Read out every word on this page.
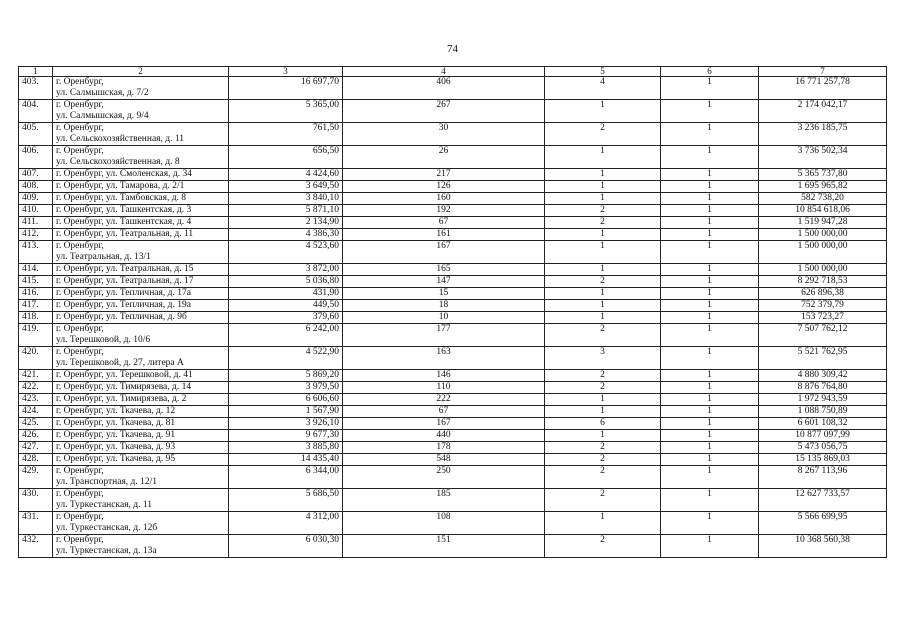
74
1	2	3	4	5	6	7
403.	г. Оренбург,
ул. Салмышская, д. 7/2	16 697,70	406	4	1	16 771 257,78
404.	г. Оренбург,
ул. Салмышская, д. 9/4	5 365,00	267	1	1	2 174 042,17
405.	г. Оренбург,
ул. Сельскохозяйственная, д. 11	761,50	30	2	1	3 236 185,75
406.	г. Оренбург,
ул. Сельскохозяйственная, д. 8	656,50	26	1	1	3 736 502,34
407.	г. Оренбург, ул. Смоленская, д. 34	4 424,60	217	1	1	5 365 737,80
408.	г. Оренбург, ул. Тамарова, д. 2/1	3 649,50	126	1	1	1 695 965,82
409.	г. Оренбург, ул. Тамбовская, д. 8	3 840,10	160	1	1	582 738,20
410.	г. Оренбург, ул. Ташкентская, д. 3	5 871,10	192	2	1	10 854 618,06
411.	г. Оренбург, ул. Ташкентская, д. 4	2 134,90	67	2	1	1 519 947,28
412.	г. Оренбург, ул. Театральная, д. 11	4 386,30	161	1	1	1 500 000,00
413.	г. Оренбург,
ул. Театральная, д. 13/1	4 523,60	167	1	1	1 500 000,00
414.	г. Оренбург, ул. Театральная, д. 15	3 872,00	165	1	1	1 500 000,00
415.	г. Оренбург, ул. Театральная, д. 17	5 036,80	147	2	1	8 292 718,53
416.	г. Оренбург, ул. Тепличная, д. 17а	431,90	15	1	1	626 896,38
417.	г. Оренбург, ул. Тепличная, д. 19а	449,50	18	1	1	752 379,79
418.	г. Оренбург, ул. Тепличная, д. 9б	379,60	10	1	1	153 723,27
419.	г. Оренбург,
ул. Терешковой, д. 10/6	6 242,00	177	2	1	7 507 762,12
420.	г. Оренбург,
ул. Терешковой, д. 27, литера А	4 522,90	163	3	1	5 521 762,95
421.	г. Оренбург, ул. Терешковой, д. 41	5 869,20	146	2	1	4 880 309,42
422.	г. Оренбург, ул. Тимирязева, д. 14	3 979,50	110	2	1	8 876 764,80
423.	г. Оренбург, ул. Тимирязева, д. 2	6 606,60	222	1	1	1 972 943,59
424.	г. Оренбург, ул. Ткачева, д. 12	1 567,90	67	1	1	1 088 750,89
425.	г. Оренбург, ул. Ткачева, д. 81	3 926,10	167	6	1	6 601 108,32
426.	г. Оренбург, ул. Ткачева, д. 91	9 677,30	440	1	1	10 877 097,99
427.	г. Оренбург, ул. Ткачева, д. 93	3 885,80	178	2	1	5 473 056,75
428.	г. Оренбург, ул. Ткачева, д. 95	14 435,40	548	2	1	15 135 869,03
429.	г. Оренбург,
ул. Транспортная, д. 12/1	6 344,00	250	2	1	8 267 113,96
430.	г. Оренбург,
ул. Туркестанская, д. 11	5 686,50	185	2	1	12 627 733,57
431.	г. Оренбург,
ул. Туркестанская, д. 12б	4 312,00	108	1	1	5 566 699,95
432.	г. Оренбург,
ул. Туркестанская, д. 13а	6 030,30	151	2	1	10 368 560,38
